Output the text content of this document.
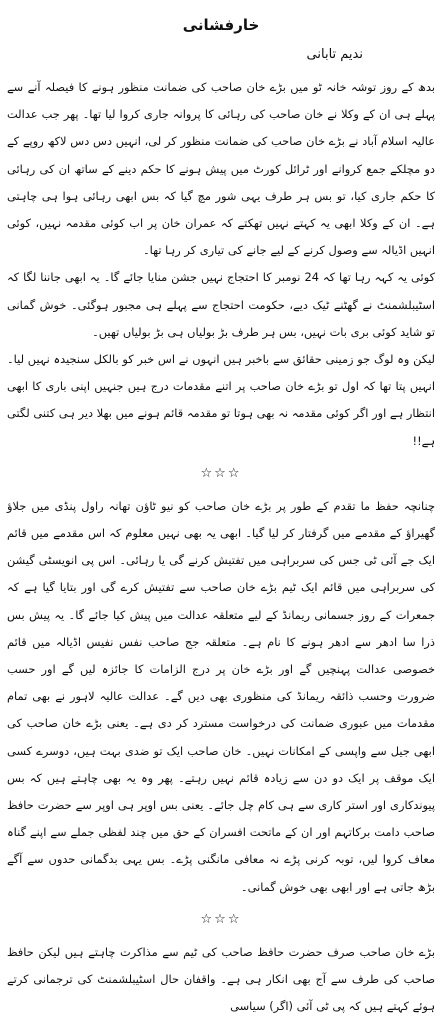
خارفشانی
ندیم تابانی

بدھ کے روز توشہ خانہ ٹو میں بڑے خان صاحب کی ضمانت منظور ہونے کا فیصلہ آنے سے پہلے ہی ان کے وکلا نے خان صاحب کی رہائی کا پروانہ جاری کروا لیا تھا۔ پھر جب عدالت عالیہ اسلام آباد نے بڑے خان صاحب کی ضمانت منظور کر لی، انہیں دس دس لاکھ روپے کے دو مچلکے جمع کروانے اور ٹرائل کورٹ میں پیش ہونے کا حکم دینے کے ساتھ ان کی رہائی کا حکم جاری کیا، تو بس ہر طرف یہی شور مچ گیا کہ بس ابھی رہائی ہوا ہی چاہتی ہے۔ ان کے وکلا ابھی یہ کہتے نہیں تھکتے کہ عمران خان پر اب کوئی مقدمہ نہیں، کوئی انہیں اڈیالہ سے وصول کرنے کے لیے جانے کی تیاری کر رہا تھا۔

کوئی یہ کہہ رہا تھا کہ 24 نومبر کا احتجاج نہیں جشن منایا جائے گا۔ یہ ابھی جاننا لگا کہ اسٹیبلشمنٹ نے گھٹنے ٹیک دیے، حکومت احتجاج سے پہلے ہی مجبور ہوگئی۔ خوش گمانی تو شاید کوئی بری بات نہیں، بس ہر طرف بڑ بولیاں ہی بڑ بولیاں تھیں۔

لیکن وہ لوگ جو زمینی حقائق سے باخبر ہیں انہوں نے اس خبر کو بالکل سنجیدہ نہیں لیا۔ انہیں پتا تھا کہ اول تو بڑے خان صاحب پر اتنے مقدمات درج ہیں جنہیں اپنی باری کا ابھی انتظار ہے اور اگر کوئی مقدمہ نہ بھی ہوتا تو مقدمہ قائم ہونے میں بھلا دیر ہی کتنی لگتی ہے!!

☆☆☆

چنانچہ حفظ ما تقدم کے طور پر بڑے خان صاحب کو نیو ٹاؤن تھانہ راول پنڈی میں جلاؤ گھیراؤ کے مقدمے میں گرفتار کر لیا گیا۔ ابھی یہ بھی نہیں معلوم کہ اس مقدمے میں قائم ایک جے آئی ٹی جس کی سربراہی میں تفتیش کرنے گی یا رہائی۔ اس پی انویسٹی گیشن کی سربراہی میں قائم ایک ٹیم بڑے خان صاحب سے تفتیش کرے گی اور بتایا گیا ہے کہ جمعرات کے روز جسمانی ریمانڈ کے لیے متعلقہ عدالت میں پیش کیا جائے گا۔ یہ پیش بس ذرا سا ادھر سے ادھر ہونے کا نام ہے۔ متعلقہ جج صاحب نفس نفیس اڈیالہ میں قائم خصوصی عدالت پہنچیں گے اور بڑے خان پر درج الزامات کا جائزہ لیں گے اور حسب ضرورت وحسب ذائقہ ریمانڈ کی منظوری بھی دیں گے۔ عدالت عالیہ لاہور نے بھی تمام مقدمات میں عبوری ضمانت کی درخواست مسترد کر دی ہے۔ یعنی بڑے خان صاحب کی ابھی جیل سے واپسی کے امکانات نہیں۔ خان صاحب ایک تو ضدی بہت ہیں، دوسرے کسی ایک موقف پر ایک دو دن سے زیادہ قائم نہیں رہتے۔ پھر وہ یہ بھی چاہتے ہیں کہ بس پیوندکاری اور استر کاری سے ہی کام چل جائے۔ یعنی بس اوپر ہی اوپر سے حضرت حافظ صاحب دامت برکاتہم اور ان کے ماتحت افسران کے حق میں چند لفظی جملے سے اپنے گناہ معاف کروا لیں، توبہ کرنی پڑے نہ معافی مانگنی پڑے۔ بس یہی بدگمانی حدوں سے آگے بڑھ جاتی ہے اور ابھی بھی خوش گمانی۔

☆☆☆

بڑے خان صاحب صرف حضرت حافظ صاحب کی ٹیم سے مذاکرت چاہتے ہیں لیکن حافظ صاحب کی طرف سے آج بھی انکار ہی ہے۔ واقفان حال اسٹیبلشمنٹ کی ترجمانی کرتے ہوئے کہتے ہیں کہ پی ٹی آئی (اگر) سیاسی
